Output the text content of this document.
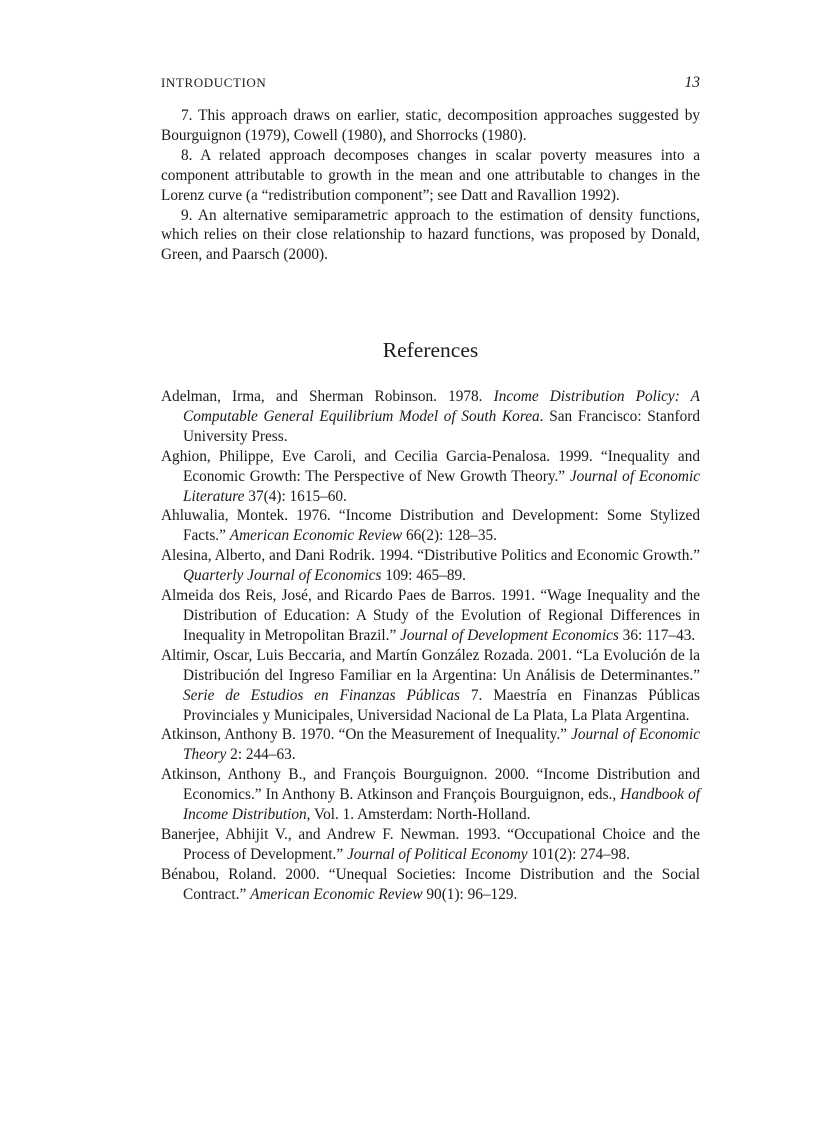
INTRODUCTION	13

7. This approach draws on earlier, static, decomposition approaches suggested by Bourguignon (1979), Cowell (1980), and Shorrocks (1980).

8. A related approach decomposes changes in scalar poverty measures into a component attributable to growth in the mean and one attributable to changes in the Lorenz curve (a “redistribution component”; see Datt and Ravallion 1992).

9. An alternative semiparametric approach to the estimation of density functions, which relies on their close relationship to hazard functions, was proposed by Donald, Green, and Paarsch (2000).

References

Adelman, Irma, and Sherman Robinson. 1978. Income Distribution Policy: A Computable General Equilibrium Model of South Korea. San Francisco: Stanford University Press.

Aghion, Philippe, Eve Caroli, and Cecilia Garcia-Penalosa. 1999. “Inequality and Economic Growth: The Perspective of New Growth Theory.” Journal of Economic Literature 37(4): 1615–60.

Ahluwalia, Montek. 1976. “Income Distribution and Development: Some Stylized Facts.” American Economic Review 66(2): 128–35.

Alesina, Alberto, and Dani Rodrik. 1994. “Distributive Politics and Economic Growth.” Quarterly Journal of Economics 109: 465–89.

Almeida dos Reis, José, and Ricardo Paes de Barros. 1991. “Wage Inequality and the Distribution of Education: A Study of the Evolution of Regional Differences in Inequality in Metropolitan Brazil.” Journal of Development Economics 36: 117–43.

Altimir, Oscar, Luis Beccaria, and Martín González Rozada. 2001. “La Evolución de la Distribución del Ingreso Familiar en la Argentina: Un Análisis de Determinantes.” Serie de Estudios en Finanzas Públicas 7. Maestría en Finanzas Públicas Provinciales y Municipales, Universidad Nacional de La Plata, La Plata Argentina.

Atkinson, Anthony B. 1970. “On the Measurement of Inequality.” Journal of Economic Theory 2: 244–63.

Atkinson, Anthony B., and François Bourguignon. 2000. “Income Distribution and Economics.” In Anthony B. Atkinson and François Bourguignon, eds., Handbook of Income Distribution, Vol. 1. Amsterdam: North-Holland.

Banerjee, Abhijit V., and Andrew F. Newman. 1993. “Occupational Choice and the Process of Development.” Journal of Political Economy 101(2): 274–98.

Bénabou, Roland. 2000. “Unequal Societies: Income Distribution and the Social Contract.” American Economic Review 90(1): 96–129.
